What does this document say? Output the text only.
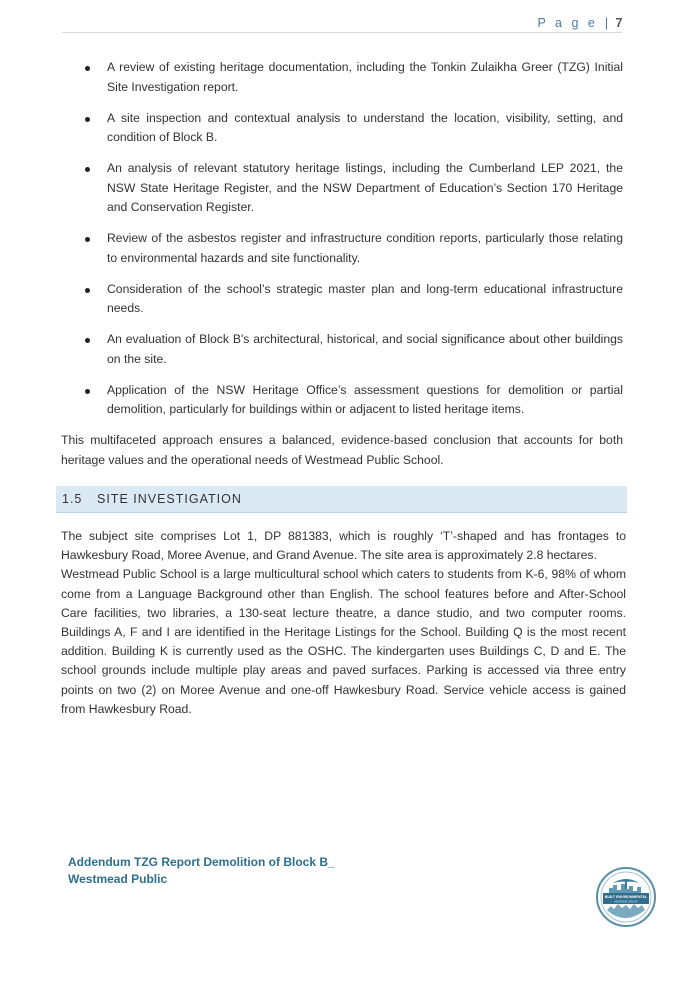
P a g e | 7
A review of existing heritage documentation, including the Tonkin Zulaikha Greer (TZG) Initial Site Investigation report.
A site inspection and contextual analysis to understand the location, visibility, setting, and condition of Block B.
An analysis of relevant statutory heritage listings, including the Cumberland LEP 2021, the NSW State Heritage Register, and the NSW Department of Education’s Section 170 Heritage and Conservation Register.
Review of the asbestos register and infrastructure condition reports, particularly those relating to environmental hazards and site functionality.
Consideration of the school’s strategic master plan and long-term educational infrastructure needs.
An evaluation of Block B's architectural, historical, and social significance about other buildings on the site.
Application of the NSW Heritage Office’s assessment questions for demolition or partial demolition, particularly for buildings within or adjacent to listed heritage items.

This multifaceted approach ensures a balanced, evidence-based conclusion that accounts for both heritage values and the operational needs of Westmead Public School.

1.5	SITE INVESTIGATION

The subject site comprises Lot 1, DP 881383, which is roughly ‘T’-shaped and has frontages to Hawkesbury Road, Moree Avenue, and Grand Avenue. The site area is approximately 2.8 hectares.

Westmead Public School is a large multicultural school which caters to students from K-6, 98% of whom come from a Language Background other than English. The school features before and After-School Care facilities, two libraries, a 130-seat lecture theatre, a dance studio, and two computer rooms. Buildings A, F and I are identified in the Heritage Listings for the School. Building Q is the most recent addition. Building K is currently used as the OSHC. The kindergarten uses Buildings C, D and E. The school grounds include multiple play areas and paved surfaces. Parking is accessed via three entry points on two (2) on Moree Avenue and one-off Hawkesbury Road. Service vehicle access is gained from Hawkesbury Road.

Addendum TZG Report Demolition of Block B_
Westmead Public
BUILT ENVIRONMENTAL
HERITAGE GROUP
